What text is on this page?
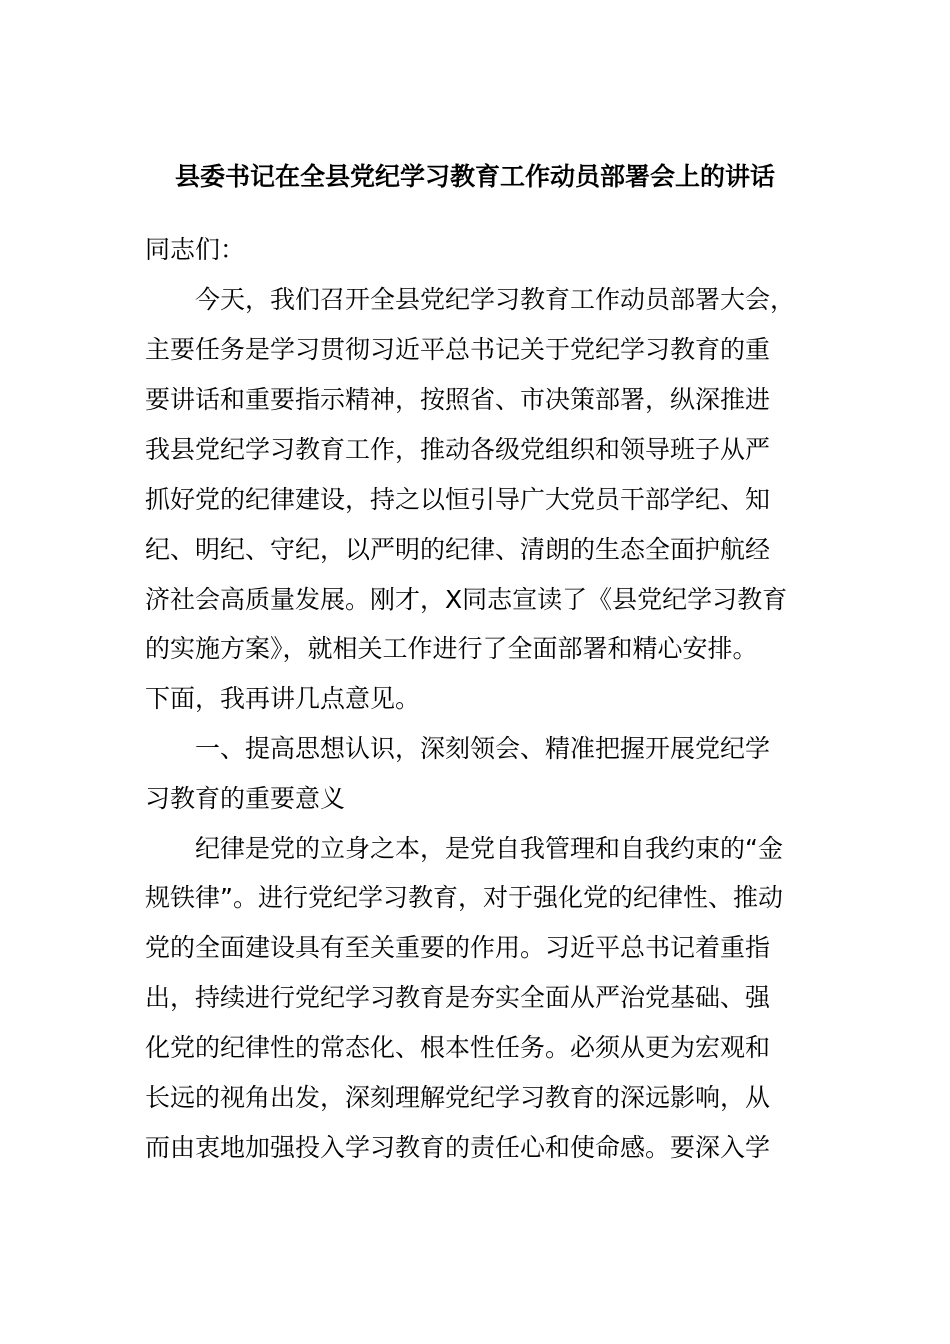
县委书记在全县党纪学习教育工作动员部署会上的讲话

同志们：

今天，我们召开全县党纪学习教育工作动员部署大会，

主要任务是学习贯彻习近平总书记关于党纪学习教育的重

要讲话和重要指示精神，按照省、市决策部署，纵深推进

我县党纪学习教育工作，推动各级党组织和领导班子从严

抓好党的纪律建设，持之以恒引导广大党员干部学纪、知

纪、明纪、守纪，以严明的纪律、清朗的生态全面护航经

济社会高质量发展。刚才，X同志宣读了《县党纪学习教育

的实施方案》，就相关工作进行了全面部署和精心安排。

下面，我再讲几点意见。

一、提高思想认识，深刻领会、精准把握开展党纪学

习教育的重要意义

纪律是党的立身之本，是党自我管理和自我约束的“金

规铁律”。进行党纪学习教育，对于强化党的纪律性、推动

党的全面建设具有至关重要的作用。习近平总书记着重指

出，持续进行党纪学习教育是夯实全面从严治党基础、强

化党的纪律性的常态化、根本性任务。必须从更为宏观和

长远的视角出发，深刻理解党纪学习教育的深远影响，从

而由衷地加强投入学习教育的责任心和使命感。要深入学
